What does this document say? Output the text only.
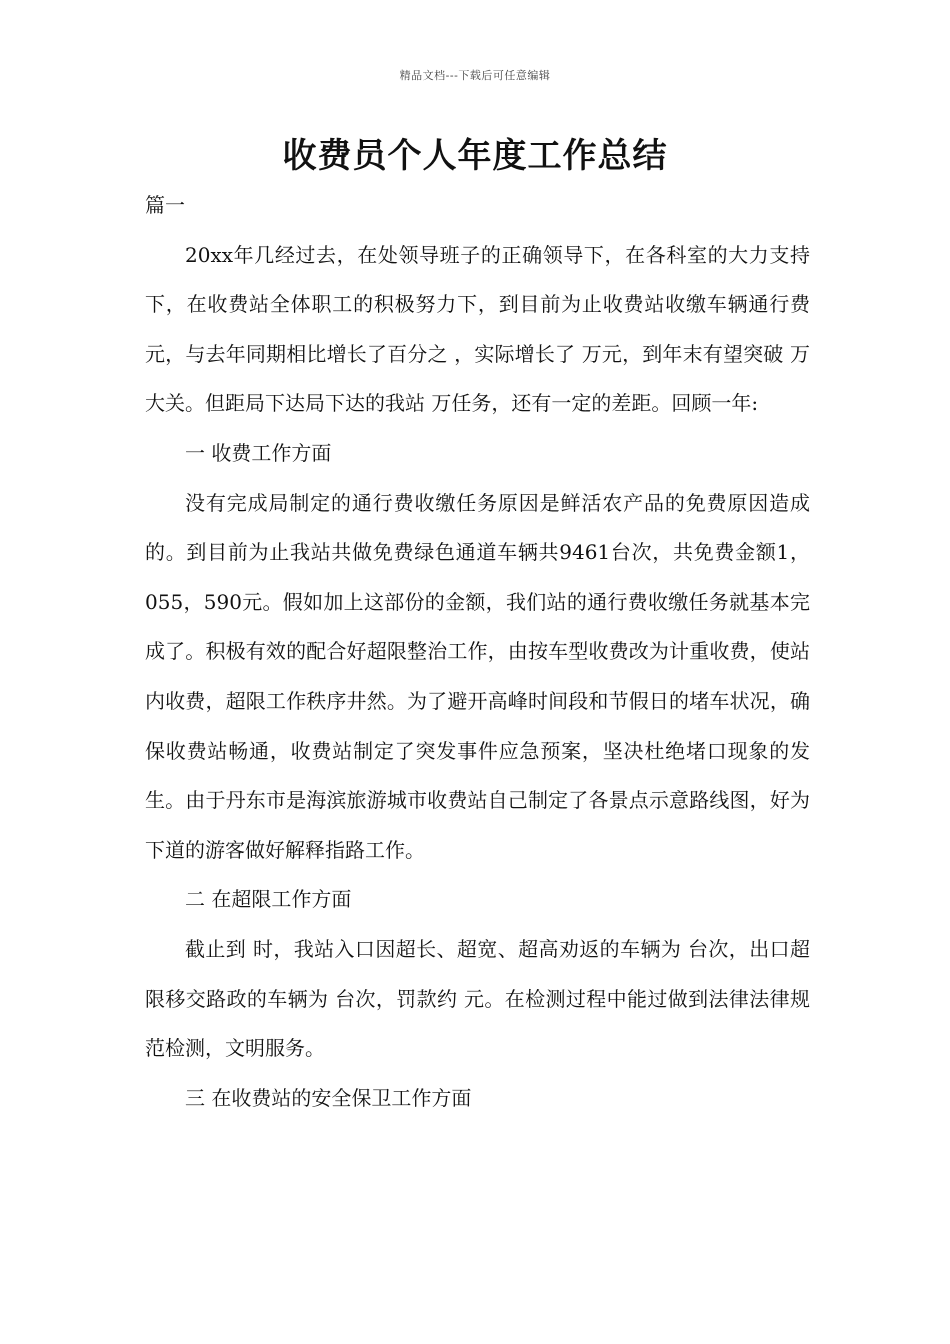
精品文档---下载后可任意编辑
收费员个人年度工作总结

篇一

20xx年几经过去，在处领导班子的正确领导下，在各科室的大力支持下，在收费站全体职工的积极努力下，到目前为止收费站收缴车辆通行费 元，与去年同期相比增长了百分之 ，实际增长了 万元，到年末有望突破 万大关。但距局下达局下达的我站 万任务，还有一定的差距。回顾一年:

一 收费工作方面

没有完成局制定的通行费收缴任务原因是鲜活农产品的免费原因造成的。到目前为止我站共做免费绿色通道车辆共9461台次，共免费金额1，055，590元。假如加上这部份的金额，我们站的通行费收缴任务就基本完成了。积极有效的配合好超限整治工作，由按车型收费改为计重收费，使站内收费，超限工作秩序井然。为了避开高峰时间段和节假日的堵车状况，确保收费站畅通，收费站制定了突发事件应急预案，坚决杜绝堵口现象的发生。由于丹东市是海滨旅游城市收费站自己制定了各景点示意路线图，好为下道的游客做好解释指路工作。

二 在超限工作方面

截止到 时，我站入口因超长、超宽、超高劝返的车辆为 台次，出口超限移交路政的车辆为 台次，罚款约 元。在检测过程中能过做到法律法律规范检测，文明服务。

三 在收费站的安全保卫工作方面
